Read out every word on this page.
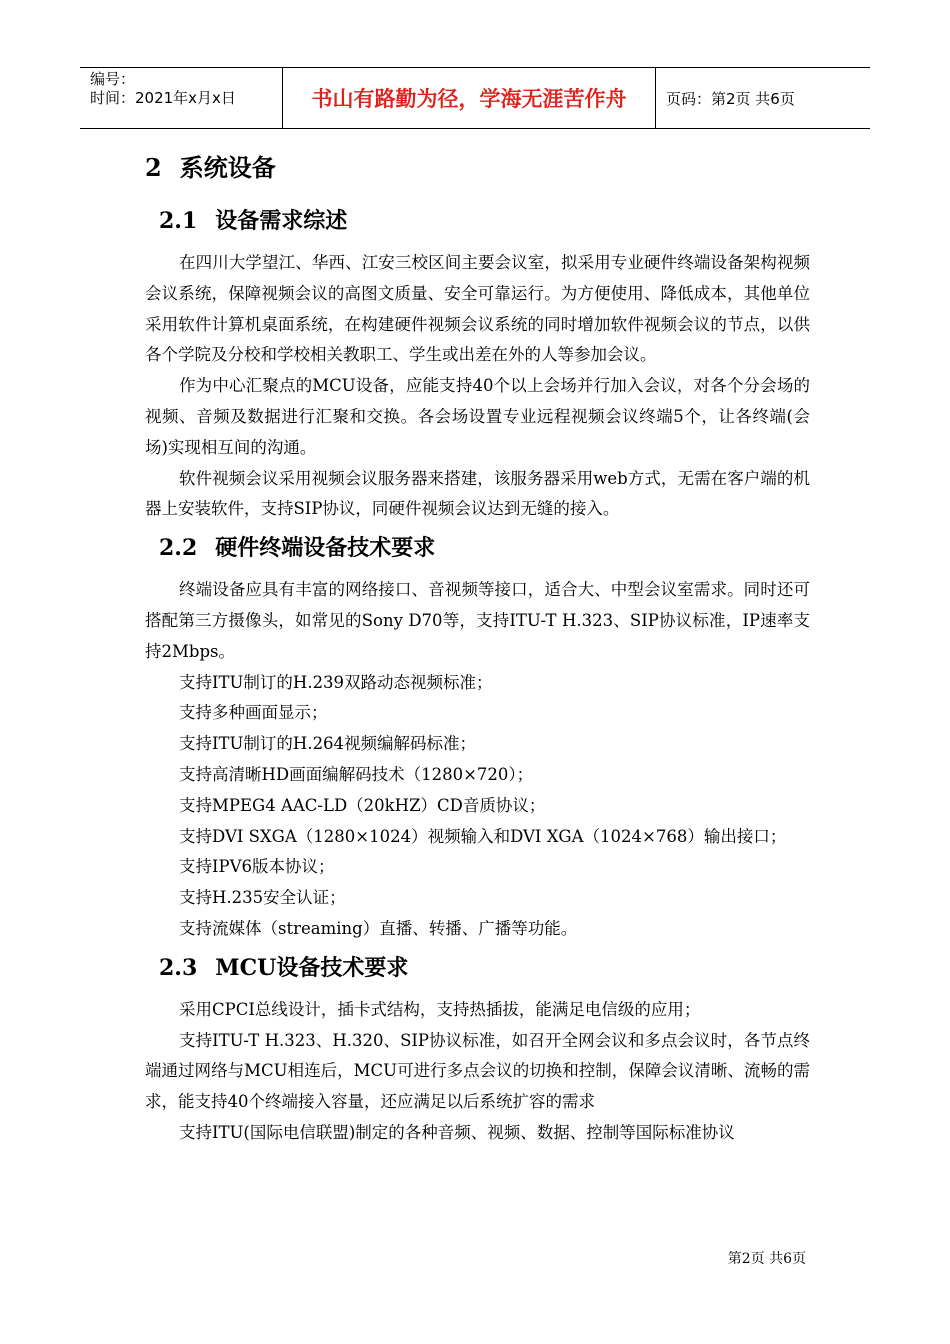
编号：
时间：2021年x月x日	书山有路勤为径，学海无涯苦作舟	页码：第2页 共6页
2 系统设备
2.1 设备需求综述

在四川大学望江、华西、江安三校区间主要会议室，拟采用专业硬件终端设备架构视频会议系统，保障视频会议的高图文质量、安全可靠运行。为方便使用、降低成本，其他单位采用软件计算机桌面系统，在构建硬件视频会议系统的同时增加软件视频会议的节点，以供各个学院及分校和学校相关教职工、学生或出差在外的人等参加会议。

作为中心汇聚点的MCU设备，应能支持40个以上会场并行加入会议，对各个分会场的视频、音频及数据进行汇聚和交换。各会场设置专业远程视频会议终端5个，让各终端(会场)实现相互间的沟通。

软件视频会议采用视频会议服务器来搭建，该服务器采用web方式，无需在客户端的机器上安装软件，支持SIP协议，同硬件视频会议达到无缝的接入。

2.2 硬件终端设备技术要求

终端设备应具有丰富的网络接口、音视频等接口，适合大、中型会议室需求。同时还可搭配第三方摄像头，如常见的Sony D70等，支持ITU-T H.323、SIP协议标准，IP速率支持2Mbps。

支持ITU制订的H.239双路动态视频标准；

支持多种画面显示；

支持ITU制订的H.264视频编解码标准；

支持高清晰HD画面编解码技术（1280×720）；

支持MPEG4 AAC-LD（20kHZ）CD音质协议；

支持DVI SXGA（1280×1024）视频输入和DVI XGA（1024×768）输出接口；

支持IPV6版本协议；

支持H.235安全认证；

支持流媒体（streaming）直播、转播、广播等功能。

2.3 MCU设备技术要求

采用CPCI总线设计，插卡式结构，支持热插拔，能满足电信级的应用；

支持ITU-T H.323、H.320、SIP协议标准，如召开全网会议和多点会议时，各节点终端通过网络与MCU相连后，MCU可进行多点会议的切换和控制，保障会议清晰、流畅的需求，能支持40个终端接入容量，还应满足以后系统扩容的需求

支持ITU(国际电信联盟)制定的各种音频、视频、数据、控制等国际标准协议

第2页 共6页
